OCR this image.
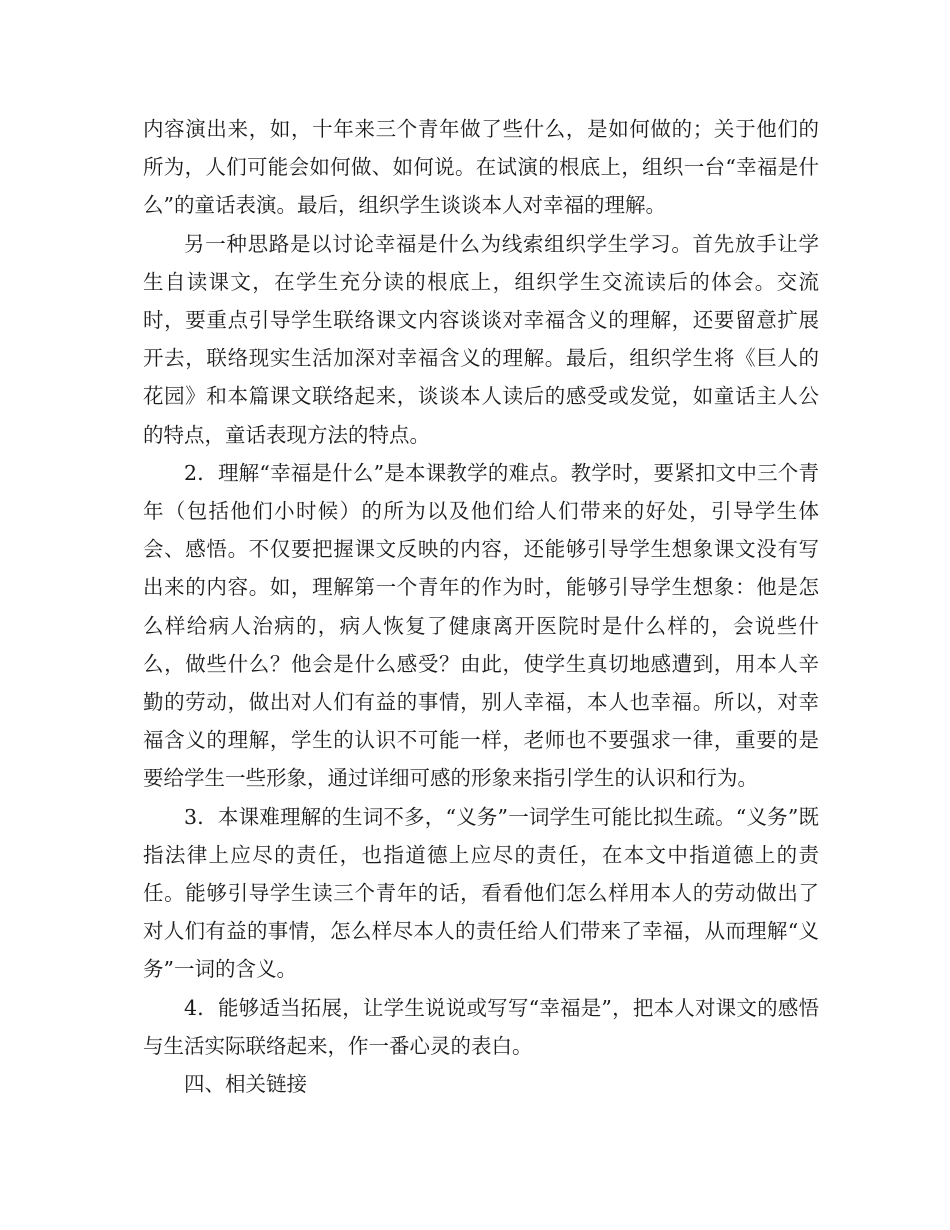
内容演出来，如，十年来三个青年做了些什么，是如何做的；关于他们的所为，人们可能会如何做、如何说。在试演的根底上，组织一台“幸福是什么”的童话表演。最后，组织学生谈谈本人对幸福的理解。

另一种思路是以讨论幸福是什么为线索组织学生学习。首先放手让学生自读课文，在学生充分读的根底上，组织学生交流读后的体会。交流时，要重点引导学生联络课文内容谈谈对幸福含义的理解，还要留意扩展开去，联络现实生活加深对幸福含义的理解。最后，组织学生将《巨人的花园》和本篇课文联络起来，谈谈本人读后的感受或发觉，如童话主人公的特点，童话表现方法的特点。

2．理解“幸福是什么”是本课教学的难点。教学时，要紧扣文中三个青年（包括他们小时候）的所为以及他们给人们带来的好处，引导学生体会、感悟。不仅要把握课文反映的内容，还能够引导学生想象课文没有写出来的内容。如，理解第一个青年的作为时，能够引导学生想象：他是怎么样给病人治病的，病人恢复了健康离开医院时是什么样的，会说些什么，做些什么？他会是什么感受？由此，使学生真切地感遭到，用本人辛勤的劳动，做出对人们有益的事情，别人幸福，本人也幸福。所以，对幸福含义的理解，学生的认识不可能一样，老师也不要强求一律，重要的是要给学生一些形象，通过详细可感的形象来指引学生的认识和行为。

3．本课难理解的生词不多，“义务”一词学生可能比拟生疏。“义务”既指法律上应尽的责任，也指道德上应尽的责任，在本文中指道德上的责任。能够引导学生读三个青年的话，看看他们怎么样用本人的劳动做出了对人们有益的事情，怎么样尽本人的责任给人们带来了幸福，从而理解“义务”一词的含义。

4．能够适当拓展，让学生说说或写写“幸福是”，把本人对课文的感悟与生活实际联络起来，作一番心灵的表白。

四、相关链接
